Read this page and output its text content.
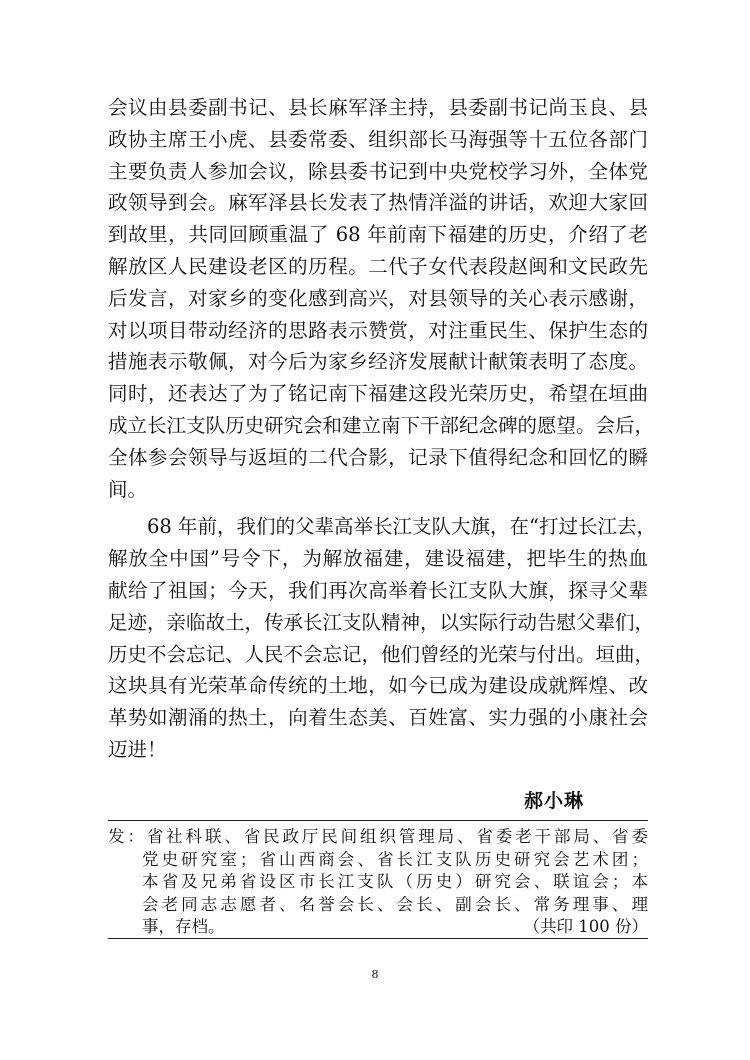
会议由县委副书记、县长麻军泽主持，县委副书记尚玉良、县
政协主席王小虎、县委常委、组织部长马海强等十五位各部门
主要负责人参加会议，除县委书记到中央党校学习外，全体党
政领导到会。麻军泽县长发表了热情洋溢的讲话，欢迎大家回
到故里，共同回顾重温了 68 年前南下福建的历史，介绍了老
解放区人民建设老区的历程。二代子女代表段赵闽和文民政先
后发言，对家乡的变化感到高兴，对县领导的关心表示感谢，
对以项目带动经济的思路表示赞赏，对注重民生、保护生态的
措施表示敬佩，对今后为家乡经济发展献计献策表明了态度。
同时，还表达了为了铭记南下福建这段光荣历史，希望在垣曲
成立长江支队历史研究会和建立南下干部纪念碑的愿望。会后，
全体参会领导与返垣的二代合影，记录下值得纪念和回忆的瞬
间。
　　68 年前，我们的父辈高举长江支队大旗，在“打过长江去，
解放全中国”号令下，为解放福建，建设福建，把毕生的热血
献给了祖国；今天，我们再次高举着长江支队大旗，探寻父辈
足迹，亲临故土，传承长江支队精神，以实际行动告慰父辈们，
历史不会忘记、人民不会忘记，他们曾经的光荣与付出。垣曲，
这块具有光荣革命传统的土地，如今已成为建设成就辉煌、改
革势如潮涌的热土，向着生态美、百姓富、实力强的小康社会
迈进！
郝小琳
发：省社科联、省民政厅民间组织管理局、省委老干部局、省委
党史研究室；省山西商会、省长江支队历史研究会艺术团；
本省及兄弟省设区市长江支队（历史）研究会、联谊会；本
会老同志志愿者、名誉会长、会长、副会长、常务理事、理
事，存档。	（共印 100 份）
8
